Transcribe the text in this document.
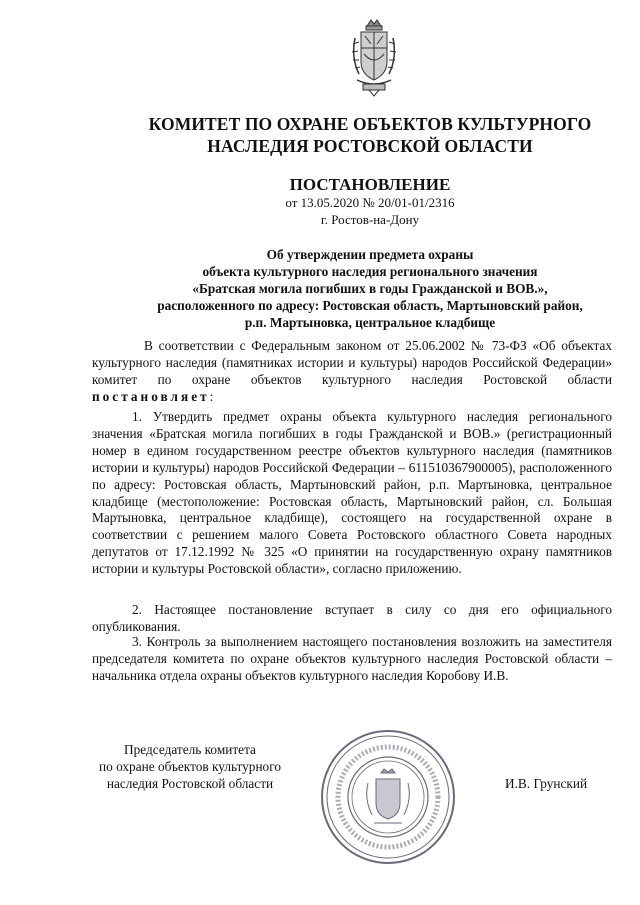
КОМИТЕТ ПО ОХРАНЕ ОБЪЕКТОВ КУЛЬТУРНОГО
НАСЛЕДИЯ РОСТОВСКОЙ ОБЛАСТИ
ПОСТАНОВЛЕНИЕ
от 13.05.2020 № 20/01-01/2316
г. Ростов-на-Дону
Об утверждении предмета охраны
объекта культурного наследия регионального значения
«Братская могила погибших в годы Гражданской и ВОВ.»,
расположенного по адресу: Ростовская область, Мартыновский район,
р.п. Мартыновка, центральное кладбище
В соответствии с Федеральным законом от 25.06.2002 № 73-ФЗ «Об объектах культурного наследия (памятниках истории и культуры) народов Российской Федерации» комитет по охране объектов культурного наследия Ростовской области постановляет:
1. Утвердить предмет охраны объекта культурного наследия регионального значения «Братская могила погибших в годы Гражданской и ВОВ.» (регистрационный номер в едином государственном реестре объектов культурного наследия (памятников истории и культуры) народов Российской Федерации – 611510367900005), расположенного по адресу: Ростовская область, Мартыновский район, р.п. Мартыновка, центральное кладбище (местоположение: Ростовская область, Мартыновский район, сл. Большая Мартыновка, центральное кладбище), состоящего на государственной охране в соответствии с решением малого Совета Ростовского областного Совета народных депутатов от 17.12.1992 № 325 «О принятии на государственную охрану памятников истории и культуры Ростовской области», согласно приложению.
2. Настоящее постановление вступает в силу со дня его официального опубликования.
3. Контроль за выполнением настоящего постановления возложить на заместителя председателя комитета по охране объектов культурного наследия Ростовской области – начальника отдела охраны объектов культурного наследия Коробову И.В.
Председатель комитета
по охране объектов культурного
наследия Ростовской области	И.В. Грунский
